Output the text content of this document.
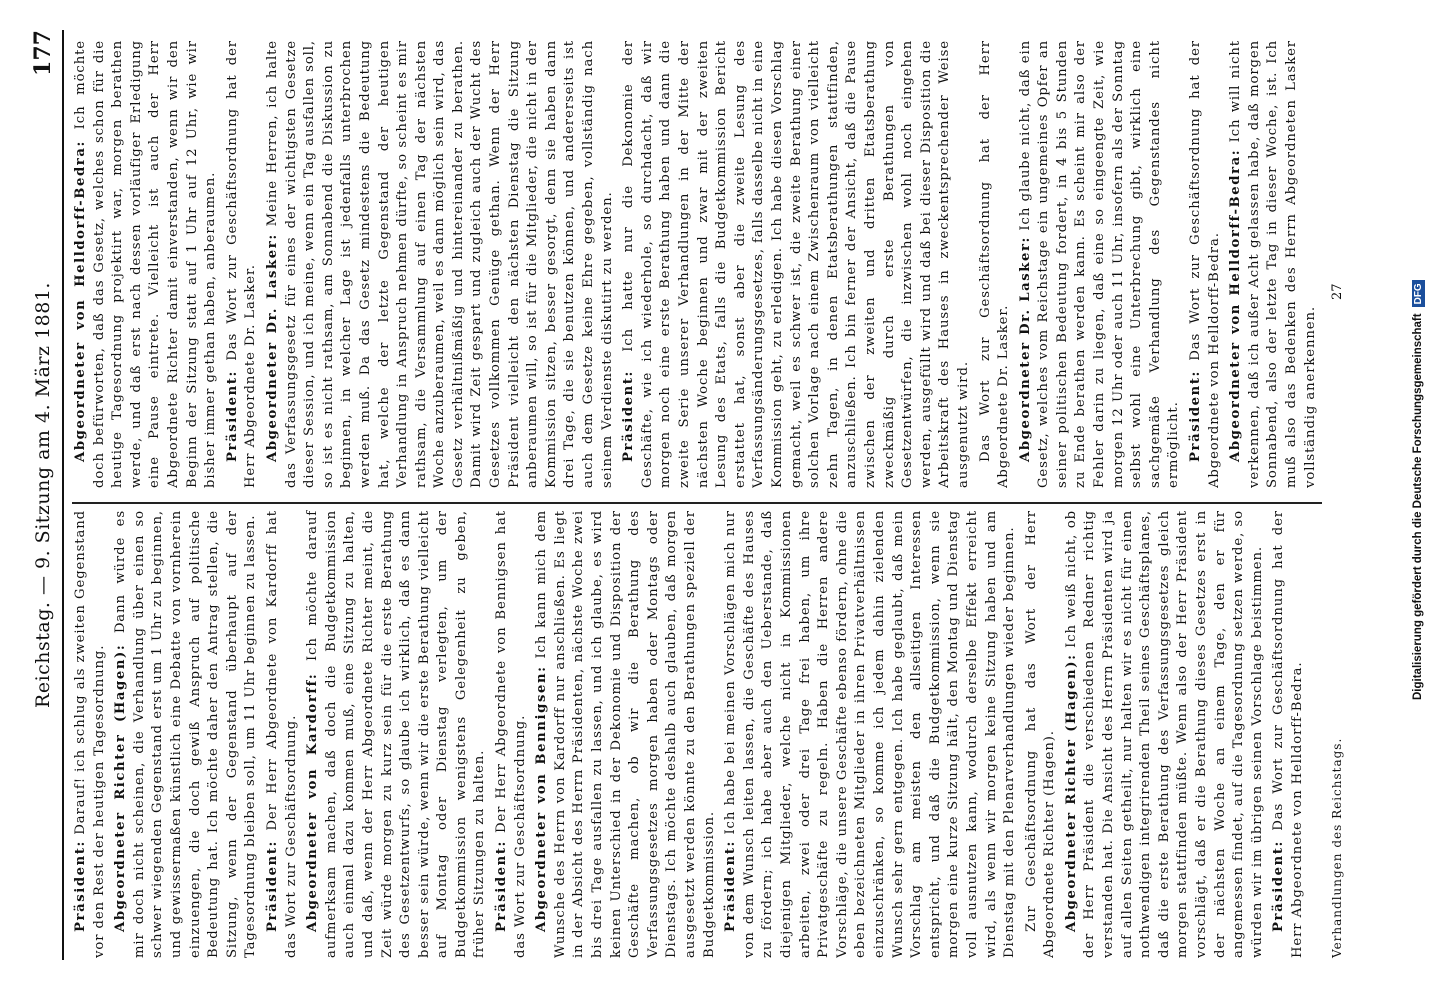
Reichstag. — 9. Sitzung am 4. März 1881.
177

Präsident: Darauf! ich schlug als zweiten Gegenstand vor den Rest der heutigen Tagesordnung. Abgeordneter Richter (Hagen): Dann würde es mir doch nicht scheinen, die Verhandlung über einen so schwer wiegenden Gegenstand erst um 1 Uhr zu beginnen, und gewissermaßen künstlich eine Debatte von vornherein einzuengen, die doch gewiß Anspruch auf politische Bedeutung hat. Ich möchte daher den Antrag stellen, die Sitzung, wenn der Gegenstand überhaupt auf der Tagesordnung bleiben soll, um 11 Uhr beginnen zu lassen. Präsident: Der Herr Abgeordnete von Kardorff hat das Wort zur Geschäftsordnung. Abgeordneter von Kardorff: Ich möchte darauf aufmerksam machen, daß doch die Budgetkommission auch einmal dazu kommen muß, eine Sitzung zu halten, und daß, wenn der Herr Abgeordnete Richter meint, die Zeit würde morgen zu kurz sein für die erste Berathung des Gesetzentwurfs, so glaube ich wirklich, daß es dann besser sein würde, wenn wir die erste Berathung vielleicht auf Montag oder Dienstag verlegten, um der Budgetkommission wenigstens Gelegenheit zu geben, früher Sitzungen zu halten. Präsident: Der Herr Abgeordnete von Bennigsen hat das Wort zur Geschäftsordnung. Abgeordneter von Bennigsen: Ich kann mich dem Wunsche des Herrn von Kardorff nur anschließen. Es liegt in der Absicht des Herrn Präsidenten, nächste Woche zwei bis drei Tage ausfallen zu lassen, und ich glaube, es wird keinen Unterschied in der Dekonomie und Disposition der Geschäfte machen, ob wir die Berathung des Verfassungsgesetzes morgen haben oder Montags oder Dienstags. Ich möchte deshalb auch glauben, daß morgen ausgesetzt werden könnte zu den Berathungen speziell der Budgetkommission. Präsident: Ich habe bei meinen Vorschlägen mich nur von dem Wunsch leiten lassen, die Geschäfte des Hauses zu fördern; ich habe aber auch den Ueberstande, daß diejenigen Mitglieder, welche nicht in Kommissionen arbeiten, zwei oder drei Tage frei haben, um ihre Privatgeschäfte zu regeln. Haben die Herren andere Vorschläge, die unsere Geschäfte ebenso fördern, ohne die eben bezeichneten Mitglieder in ihren Privatverhältnissen einzuschränken, so komme ich jedem dahin zielenden Wunsch sehr gern entgegen. Ich habe geglaubt, daß mein Vorschlag am meisten den allseitigen Interessen entspricht, und daß die Budgetkommission, wenn sie morgen eine kurze Sitzung hält, den Montag und Dienstag voll ausnutzen kann, wodurch derselbe Effekt erreicht wird, als wenn wir morgen keine Sitzung haben und am Dienstag mit den Plenarverhandlungen wieder beginnen. Zur Geschäftsordnung hat das Wort der Herr Abgeordnete Richter (Hagen). Abgeordneter Richter (Hagen): Ich weiß nicht, ob der Herr Präsident die verschiedenen Redner richtig verstanden hat. Die Ansicht des Herrn Präsidenten wird ja auf allen Seiten getheilt, nur halten wir es nicht für einen nothwendigen integrirenden Theil seines Geschäftsplanes, daß die erste Berathung des Verfassungsgesetzes gleich morgen stattfinden müßte. Wenn also der Herr Präsident vorschlägt, daß er die Berathung dieses Gesetzes erst in der nächsten Woche an einem Tage, den er für angemessen findet, auf die Tagesordnung setzen werde, so würden wir im übrigen seinen Vorschlage beistimmen. Präsident: Das Wort zur Geschäftsordnung hat der Herr Abgeordnete von Helldorff-Bedra.

Abgeordneter von Helldorff-Bedra: Ich möchte doch befürworten, daß das Gesetz, welches schon für die heutige Tagesordnung projektirt war, morgen berathen werde, und daß erst nach dessen vorläufiger Erledigung eine Pause eintrete. Vielleicht ist auch der Herr Abgeordnete Richter damit einverstanden, wenn wir den Beginn der Sitzung statt auf 1 Uhr auf 12 Uhr, wie wir bisher immer gethan haben, anberaumen. Präsident: Das Wort zur Geschäftsordnung hat der Herr Abgeordnete Dr. Lasker. Abgeordneter Dr. Lasker: Meine Herren, ich halte das Verfassungsgesetz für eines der wichtigsten Gesetze dieser Session, und ich meine, wenn ein Tag ausfallen soll, so ist es nicht rathsam, am Sonnabend die Diskussion zu beginnen, in welcher Lage ist jedenfalls unterbrochen werden muß. Da das Gesetz mindestens die Bedeutung hat, welche der letzte Gegenstand der heutigen Verhandlung in Anspruch nehmen dürfte, so scheint es mir rathsam, die Versammlung auf einen Tag der nächsten Woche anzuberaumen, weil es dann möglich sein wird, das Gesetz verhältnißmäßig und hintereinander zu berathen. Damit wird Zeit gespart und zugleich auch der Wucht des Gesetzes vollkommen Genüge gethan. Wenn der Herr Präsident vielleicht den nächsten Dienstag die Sitzung anberaumen will, so ist für die Mitglieder, die nicht in der Kommission sitzen, besser gesorgt, denn sie haben dann drei Tage, die sie benutzen können, und andererseits ist auch dem Gesetze keine Ehre gegeben, vollständig nach seinem Verdienste diskutirt zu werden. Präsident: Ich hatte nur die Dekonomie der Geschäfte, wie ich wiederhole, so durchdacht, daß wir morgen noch eine erste Berathung haben und dann die zweite Serie unserer Verhandlungen in der Mitte der nächsten Woche beginnen und zwar mit der zweiten Lesung des Etats, falls die Budgetkommission Bericht erstattet hat, sonst aber die zweite Lesung des Verfassungsänderungsgesetzes, falls dasselbe nicht in eine Kommission geht, zu erledigen. Ich habe diesen Vorschlag gemacht, weil es schwer ist, die zweite Berathung einer solchen Vorlage nach einem Zwischenraum von vielleicht zehn Tagen, in denen Etatsberathungen stattfinden, anzuschließen. Ich bin ferner der Ansicht, daß die Pause zwischen der zweiten und dritten Etatsberathung zweckmäßig durch erste Berathungen von Gesetzentwürfen, die inzwischen wohl noch eingehen werden, ausgefüllt wird und daß bei dieser Disposition die Arbeitskraft des Hauses in zweckentsprechender Weise ausgenutzt wird. Das Wort zur Geschäftsordnung hat der Herr Abgeordnete Dr. Lasker. Abgeordneter Dr. Lasker: Ich glaube nicht, daß ein Gesetz, welches vom Reichstage ein ungemeines Opfer an seiner politischen Bedeutung fordert, in 4 bis 5 Stunden zu Ende berathen werden kann. Es scheint mir also der Fehler darin zu liegen, daß eine so eingeengte Zeit, wie morgen 12 Uhr oder auch 11 Uhr, insofern als der Sonntag selbst wohl eine Unterbrechung gibt, wirklich eine sachgemäße Verhandlung des Gegenstandes nicht ermöglicht. Präsident: Das Wort zur Geschäftsordnung hat der Abgeordnete von Helldorff-Bedra. Abgeordneter von Helldorff-Bedra: Ich will nicht verkennen, daß ich außer Acht gelassen habe, daß morgen Sonnabend, also der letzte Tag in dieser Woche, ist. Ich muß also das Bedenken des Herrn Abgeordneten Lasker vollständig anerkennen.

Verhandlungen des Reichstags.
27
Digitalisierung gefördert durch die Deutsche Forschungsgemeinschaft
DFG
